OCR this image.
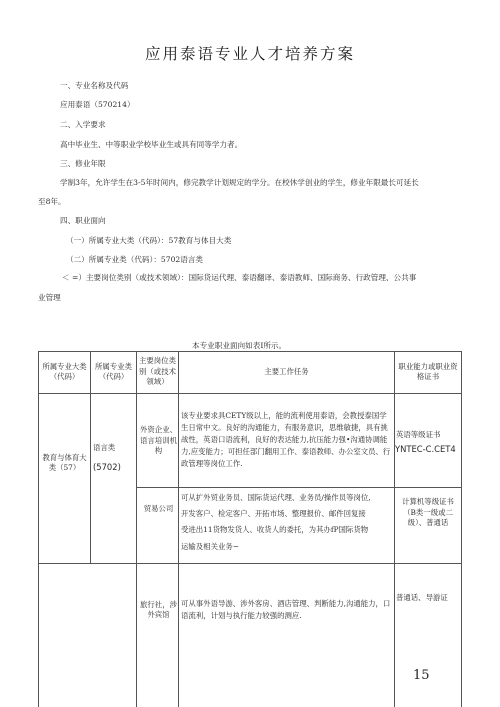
应用泰语专业人才培养方案
一、专业名称及代码
应用泰语（570214）
二、入学要求
高中毕业生、中等职业学校毕业生或具有同等学力者。
三、修业年限
学制3年，允许学生在3-5年时间内，修完教学计划规定的学分。在校休学创业的学生，修业年限最长可延长
至8年。
四、职业面向
（一）所属专业大类（代码）：57教育与体目大类
（二）所属专业类（代码）：5702语言类
＜ =）主要岗位类别（或技术领域）：国际货运代理、泰语翻译、泰语教师、国际商务、行政管理、公共事
业管理
本专业职业面向如表I所示。
所属专业大类（代码）
所属专业类（代码）
主要岗位类别（或技术领域）
主要工作任务
职业能力或职业资格证书
教育与体育大类（57）
语言类
(5702)
外资企业、语言培训机构
该专业要求具CETY级以上，能的流利使用泰语，会教授泰国学生日常中文。良好的沟通能力，有服务意识，思维敏捷，具有挑战性，英语口语流利，良好的表达能力,抗压能力强•沟通协调能力,应变能力；可担任部门翻用工作、泰语教师、办公室文员、行政管理等岗位工作.
英语等级证书
YNTEC-C.CET4
贸易公司
可从扩外贸业务员、国际货运代理、业务员/操作员等岗位,
开发客户、检定客户、开拓市场、整理报价、邮件回复接
受进出11货物发货人、收货人的委托，为其办fP国际货物
运输及相关业务−
计算机等级证书（B类一级或二级）、普通话
旅行社，涉外宾馆
可从事外语导游、涉外客房、酒店管理、判断能力,沟通能力，口语流利，计划与执行能力较强的测应.
普通话、导游证
15
